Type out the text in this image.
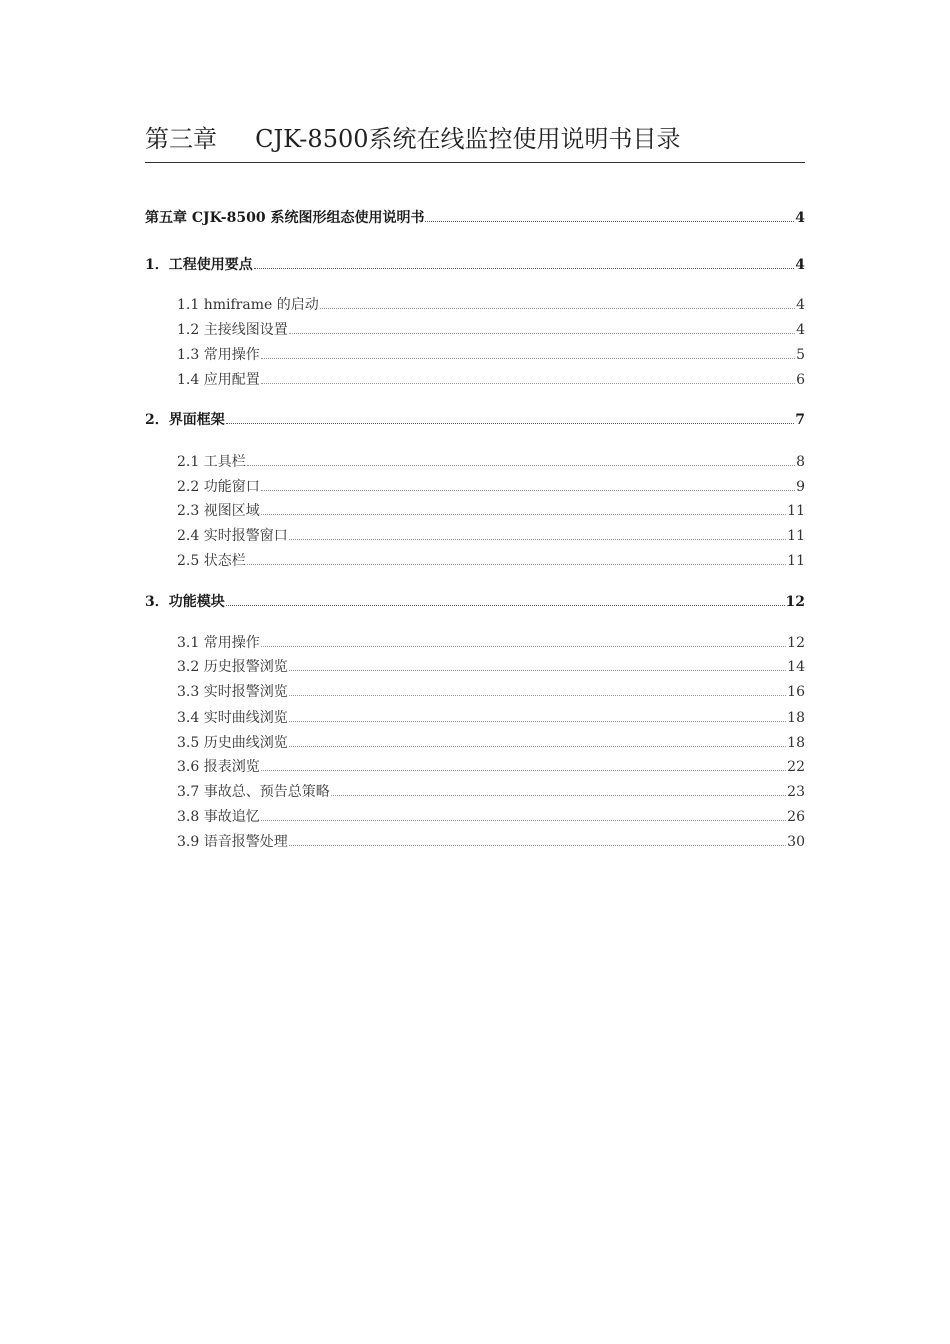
第三章     CJK-8500系统在线监控使用说明书目录
第五章 CJK-8500 系统图形组态使用说明书	4
1．工程使用要点	4
1.1 hmiframe 的启动	4
1.2 主接线图设置	4
1.3 常用操作	5
1.4 应用配置	6
2．界面框架	7
2.1 工具栏	8
2.2 功能窗口	9
2.3 视图区域	11
2.4 实时报警窗口	11
2.5 状态栏	11
3．功能模块	12
3.1 常用操作	12
3.2 历史报警浏览	14
3.3 实时报警浏览	16
3.4 实时曲线浏览	18
3.5 历史曲线浏览	18
3.6 报表浏览	22
3.7 事故总、预告总策略	23
3.8 事故追忆	26
3.9 语音报警处理	30
